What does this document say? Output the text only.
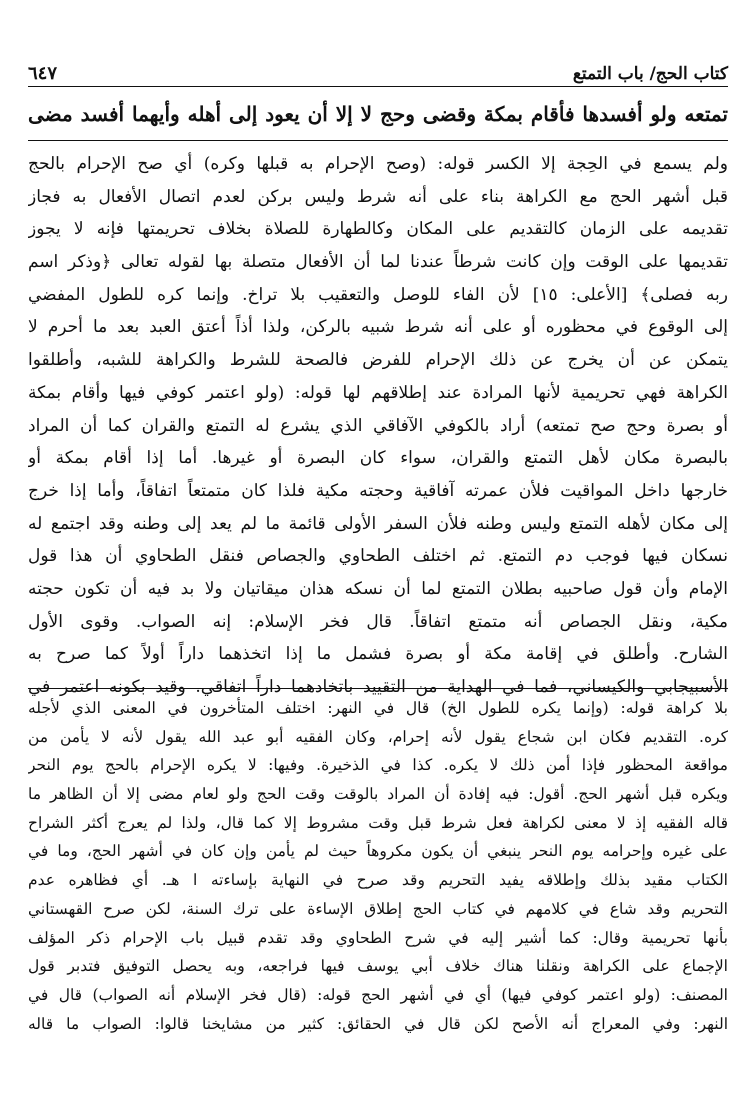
كتاب الحج/ باب التمتع
٦٤٧
تمتعه ولو أفسدها فأقام بمكة وقضى وحج لا إلا أن يعود إلى أهله وأيهما أفسد مضى
ولم يسمع في الحِجة إلا الكسر قوله: (وصح الإحرام به قبلها وكره) أي صح الإحرام بالحج
قبل أشهر الحج مع الكراهة بناء على أنه شرط وليس بركن لعدم اتصال الأفعال به فجاز
تقديمه على الزمان كالتقديم على المكان وكالطهارة للصلاة بخلاف تحريمتها فإنه لا يجوز
تقديمها على الوقت وإن كانت شرطاً عندنا لما أن الأفعال متصلة بها لقوله تعالى ﴿وذكر اسم
ربه فصلى﴾ [الأعلى: ١٥] لأن الفاء للوصل والتعقيب بلا تراخ. وإنما كره للطول المفضي
إلى الوقوع في محظوره أو على أنه شرط شبيه بالركن، ولذا أذاً أعتق العبد بعد ما أحرم لا
يتمكن عن أن يخرج عن ذلك الإحرام للفرض فالصحة للشرط والكراهة للشبه، وأطلقوا
الكراهة فهي تحريمية لأنها المرادة عند إطلاقهم لها قوله: (ولو اعتمر كوفي فيها وأقام بمكة
أو بصرة وحج صح تمتعه) أراد بالكوفي الآفاقي الذي يشرع له التمتع والقران كما أن المراد
بالبصرة مكان لأهل التمتع والقران، سواء كان البصرة أو غيرها. أما إذا أقام بمكة أو
خارجها داخل المواقيت فلأن عمرته آفاقية وحجته مكية فلذا كان متمتعاً اتفاقاً، وأما إذا خرج
إلى مكان لأهله التمتع وليس وطنه فلأن السفر الأولى قائمة ما لم يعد إلى وطنه وقد اجتمع له
نسكان فيها فوجب دم التمتع. ثم اختلف الطحاوي والجصاص فنقل الطحاوي أن هذا قول
الإمام وأن قول صاحبيه بطلان التمتع لما أن نسكه هذان ميقاتيان ولا بد فيه أن تكون حجته
مكية، ونقل الجصاص أنه متمتع اتفاقاً. قال فخر الإسلام: إنه الصواب. وقوى الأول
الشارح. وأطلق في إقامة مكة أو بصرة فشمل ما إذا اتخذهما داراً أولاً كما صرح به
الأسبيجابي والكيساني، فما في الهداية من التقييد باتخادهما داراً اتفاقي. وقيد بكونه اعتمر في
بلا كراهة قوله: (وإنما يكره للطول الخ) قال في النهر: اختلف المتأخرون في المعنى الذي لأجله
كره. التقديم فكان ابن شجاع يقول لأنه إحرام، وكان الفقيه أبو عبد الله يقول لأنه لا يأمن من
مواقعة المحظور فإذا أمن ذلك لا يكره. كذا في الذخيرة. وفيها: لا يكره الإحرام بالحج يوم النحر
ويكره قبل أشهر الحج. أقول: فيه إفادة أن المراد بالوقت وقت الحج ولو لعام مضى إلا أن الظاهر ما
قاله الفقيه إذ لا معنى لكراهة فعل شرط قبل وقت مشروط إلا كما قال، ولذا لم يعرج أكثر الشراح
على غيره وإحرامه يوم النحر ينبغي أن يكون مكروهاً حيث لم يأمن وإن كان في أشهر الحج، وما في
الكتاب مقيد بذلك وإطلاقه يفيد التحريم وقد صرح في النهاية بإساءته ا هـ. أي فظاهره عدم
التحريم وقد شاع في كلامهم في كتاب الحج إطلاق الإساءة على ترك السنة، لكن صرح القهستاني
بأنها تحريمية وقال: كما أشير إليه في شرح الطحاوي وقد تقدم قبيل باب الإحرام ذكر المؤلف
الإجماع على الكراهة ونقلنا هناك خلاف أبي يوسف فيها فراجعه، وبه يحصل التوفيق فتدبر قول
المصنف: (ولو اعتمر كوفي فيها) أي في أشهر الحج قوله: (قال فخر الإسلام أنه الصواب) قال في
النهر: وفي المعراج أنه الأصح لكن قال في الحقائق: كثير من مشايخنا قالوا: الصواب ما قاله
